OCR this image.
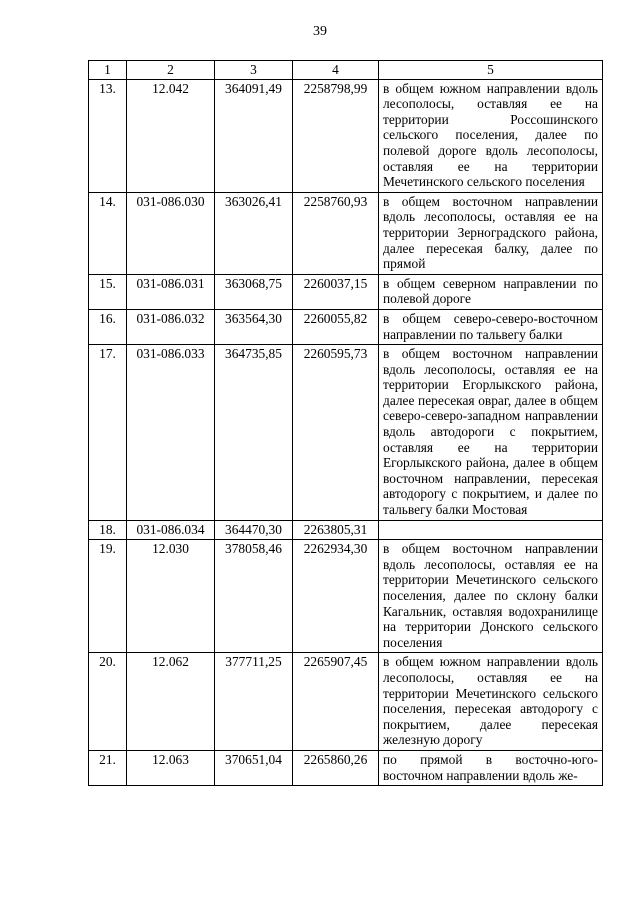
39
1	2	3	4	5
13.	12.042	364091,49	2258798,99	в общем южном направлении вдоль лесополосы, оставляя ее на территории Россошинского сельского поселения, далее по полевой дороге вдоль лесополосы, оставляя ее на территории Мечетинского сельского поселения
14.	031-086.030	363026,41	2258760,93	в общем восточном направлении вдоль лесополосы, оставляя ее на территории Зерноградского района, далее пересекая балку, далее по прямой
15.	031-086.031	363068,75	2260037,15	в общем северном направлении по полевой дороге
16.	031-086.032	363564,30	2260055,82	в общем северо-северо-восточном направлении по тальвегу балки
17.	031-086.033	364735,85	2260595,73	в общем восточном направлении вдоль лесополосы, оставляя ее на территории Егорлыкского района, далее пересекая овраг, далее в общем северо-северо-западном направлении вдоль автодороги с покрытием, оставляя ее на территории Егорлыкского района, далее в общем восточном направлении, пересекая автодорогу с покрытием, и далее по тальвегу балки Мостовая
18.	031-086.034	364470,30	2263805,31	
19.	12.030	378058,46	2262934,30	в общем восточном направлении вдоль лесополосы, оставляя ее на территории Мечетинского сельского поселения, далее по склону балки Кагальник, оставляя водохранилище на территории Донского сельского поселения
20.	12.062	377711,25	2265907,45	в общем южном направлении вдоль лесополосы, оставляя ее на территории Мечетинского сельского поселения, пересекая автодорогу с покрытием, далее пересекая железную дорогу
21.	12.063	370651,04	2265860,26	по прямой в восточно-юго-восточном направлении вдоль же-
